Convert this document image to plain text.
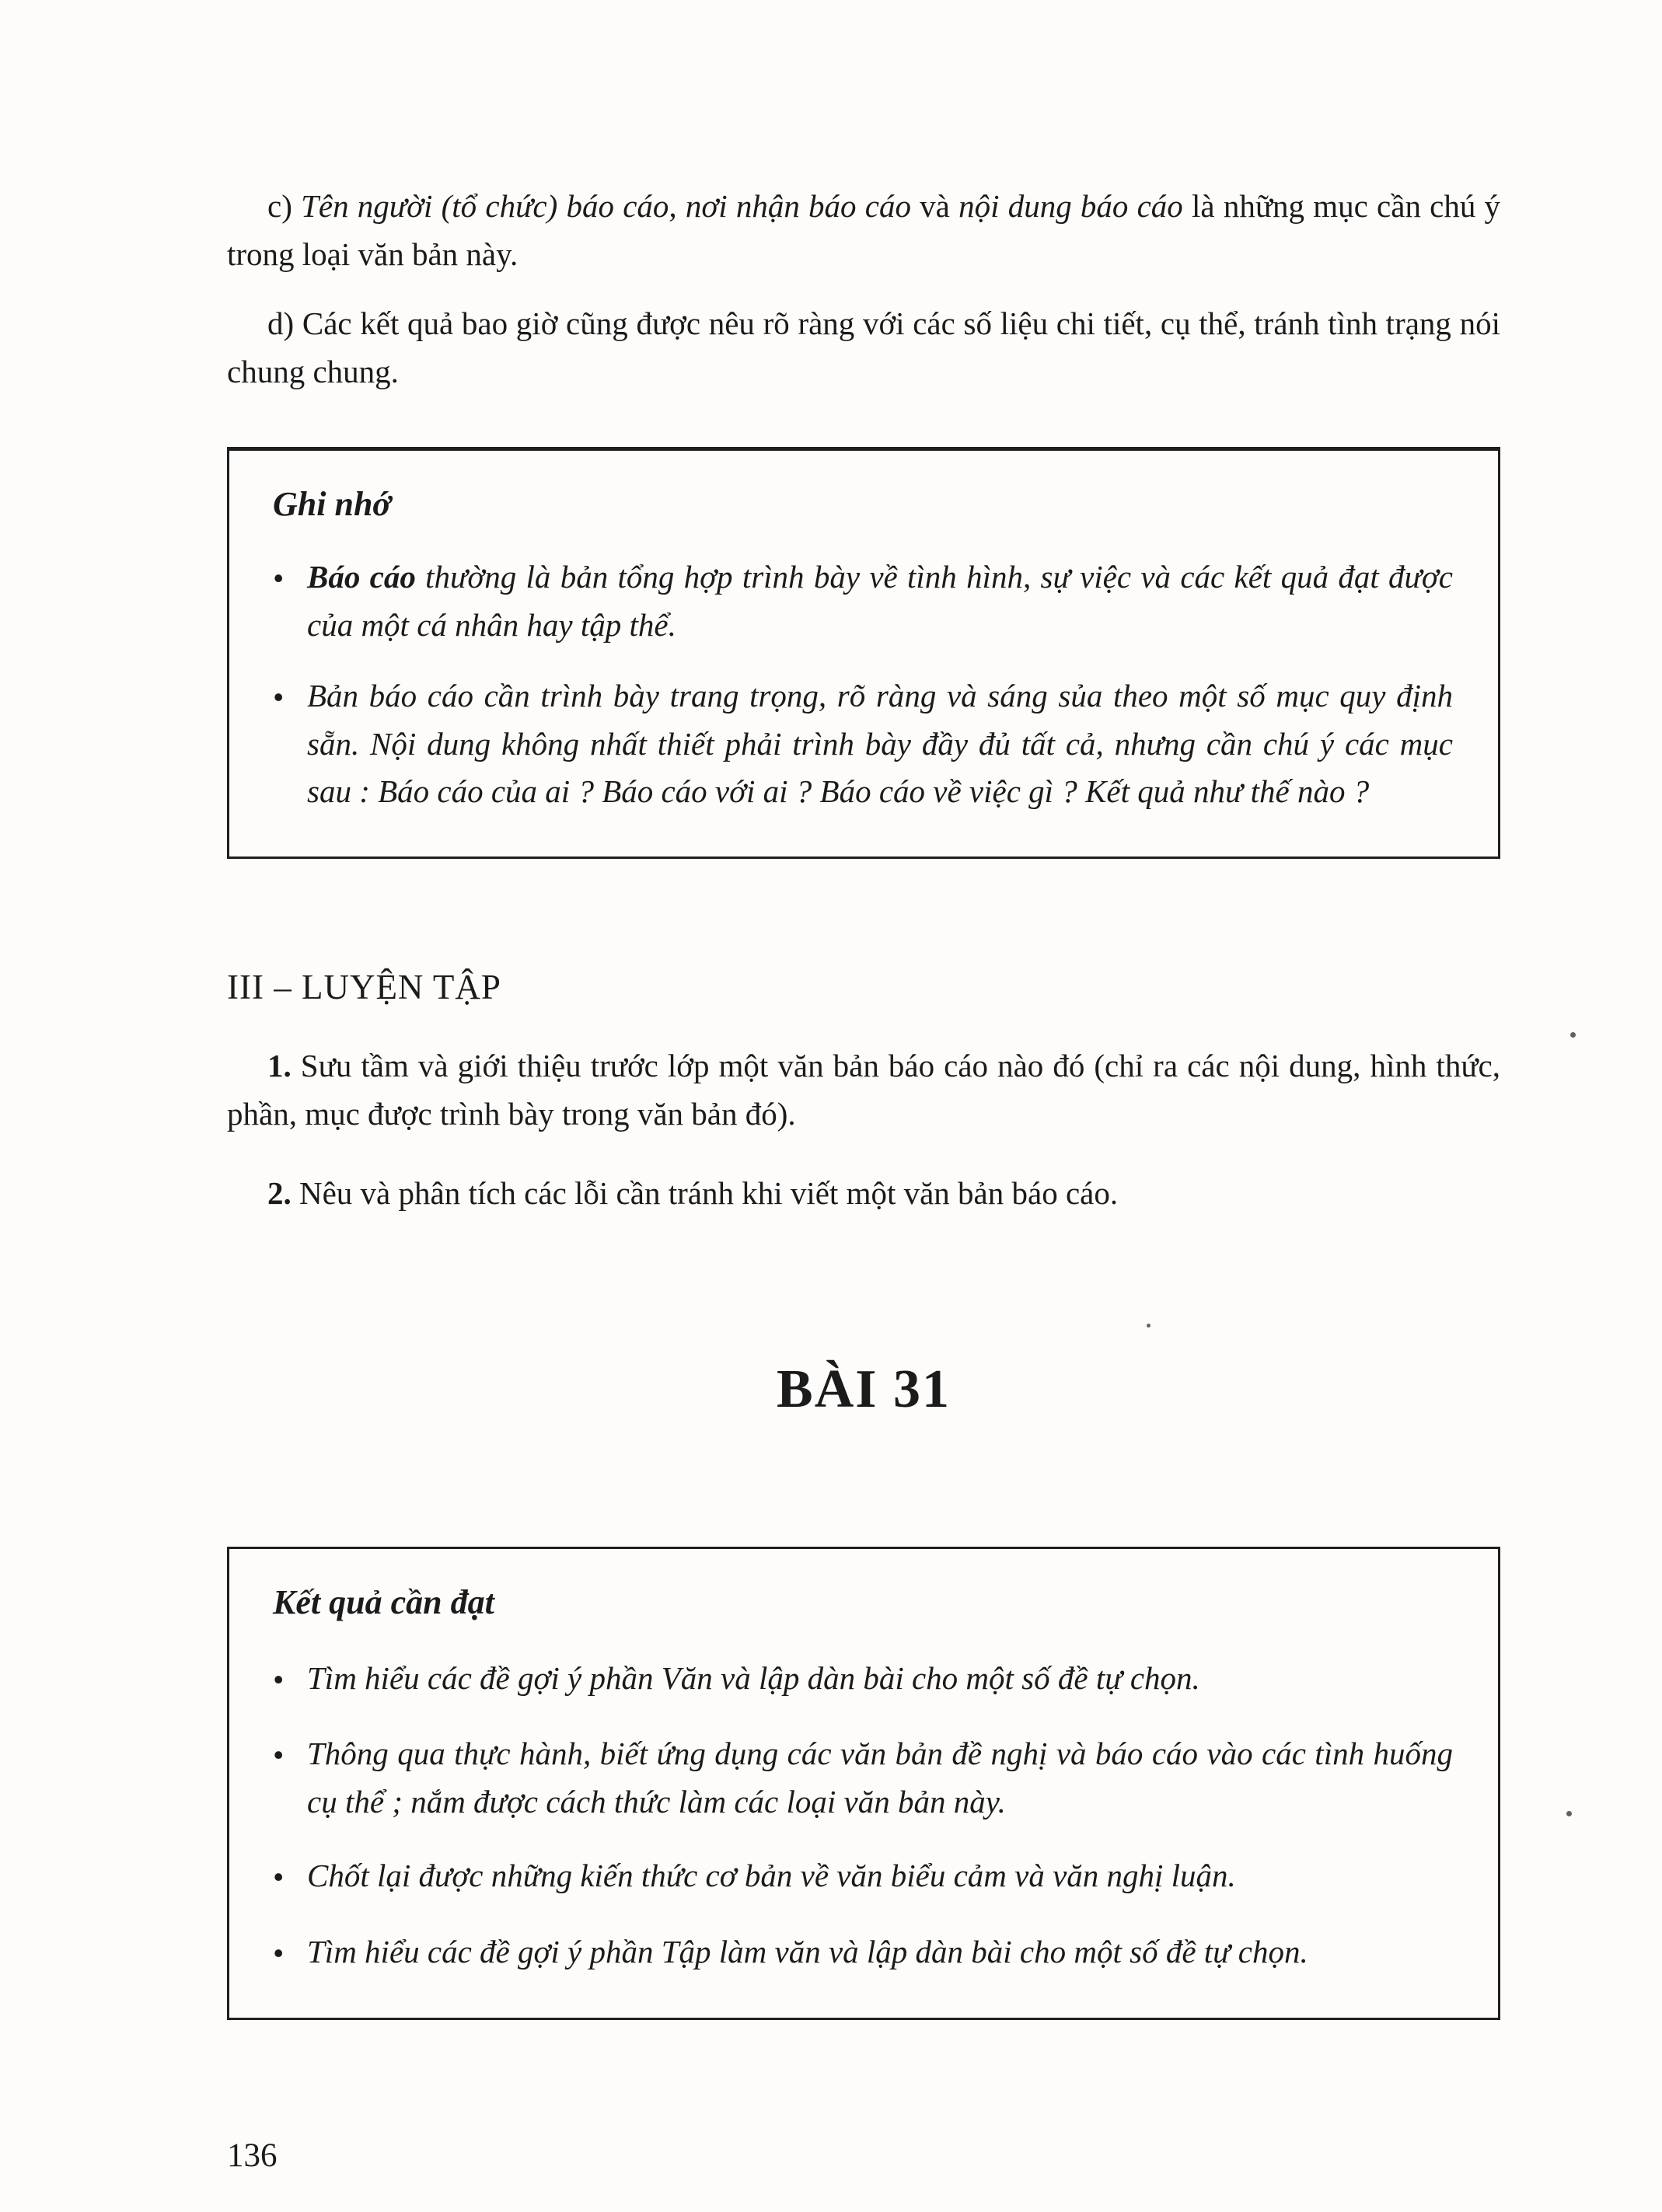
c) Tên người (tổ chức) báo cáo, nơi nhận báo cáo và nội dung báo cáo là những mục cần chú ý trong loại văn bản này.

d) Các kết quả bao giờ cũng được nêu rõ ràng với các số liệu chi tiết, cụ thể, tránh tình trạng nói chung chung.

Ghi nhớ
• Báo cáo thường là bản tổng hợp trình bày về tình hình, sự việc và các kết quả đạt được của một cá nhân hay tập thể.
• Bản báo cáo cần trình bày trang trọng, rõ ràng và sáng sủa theo một số mục quy định sẵn. Nội dung không nhất thiết phải trình bày đầy đủ tất cả, nhưng cần chú ý các mục sau : Báo cáo của ai ? Báo cáo với ai ? Báo cáo về việc gì ? Kết quả như thế nào ?
III – LUYỆN TẬP

1. Sưu tầm và giới thiệu trước lớp một văn bản báo cáo nào đó (chỉ ra các nội dung, hình thức, phần, mục được trình bày trong văn bản đó).

2. Nêu và phân tích các lỗi cần tránh khi viết một văn bản báo cáo.

BÀI 31
Kết quả cần đạt
• Tìm hiểu các đề gợi ý phần Văn và lập dàn bài cho một số đề tự chọn.
• Thông qua thực hành, biết ứng dụng các văn bản đề nghị và báo cáo vào các tình huống cụ thể ; nắm được cách thức làm các loại văn bản này.
• Chốt lại được những kiến thức cơ bản về văn biểu cảm và văn nghị luận.
• Tìm hiểu các đề gợi ý phần Tập làm văn và lập dàn bài cho một số đề tự chọn.
136
